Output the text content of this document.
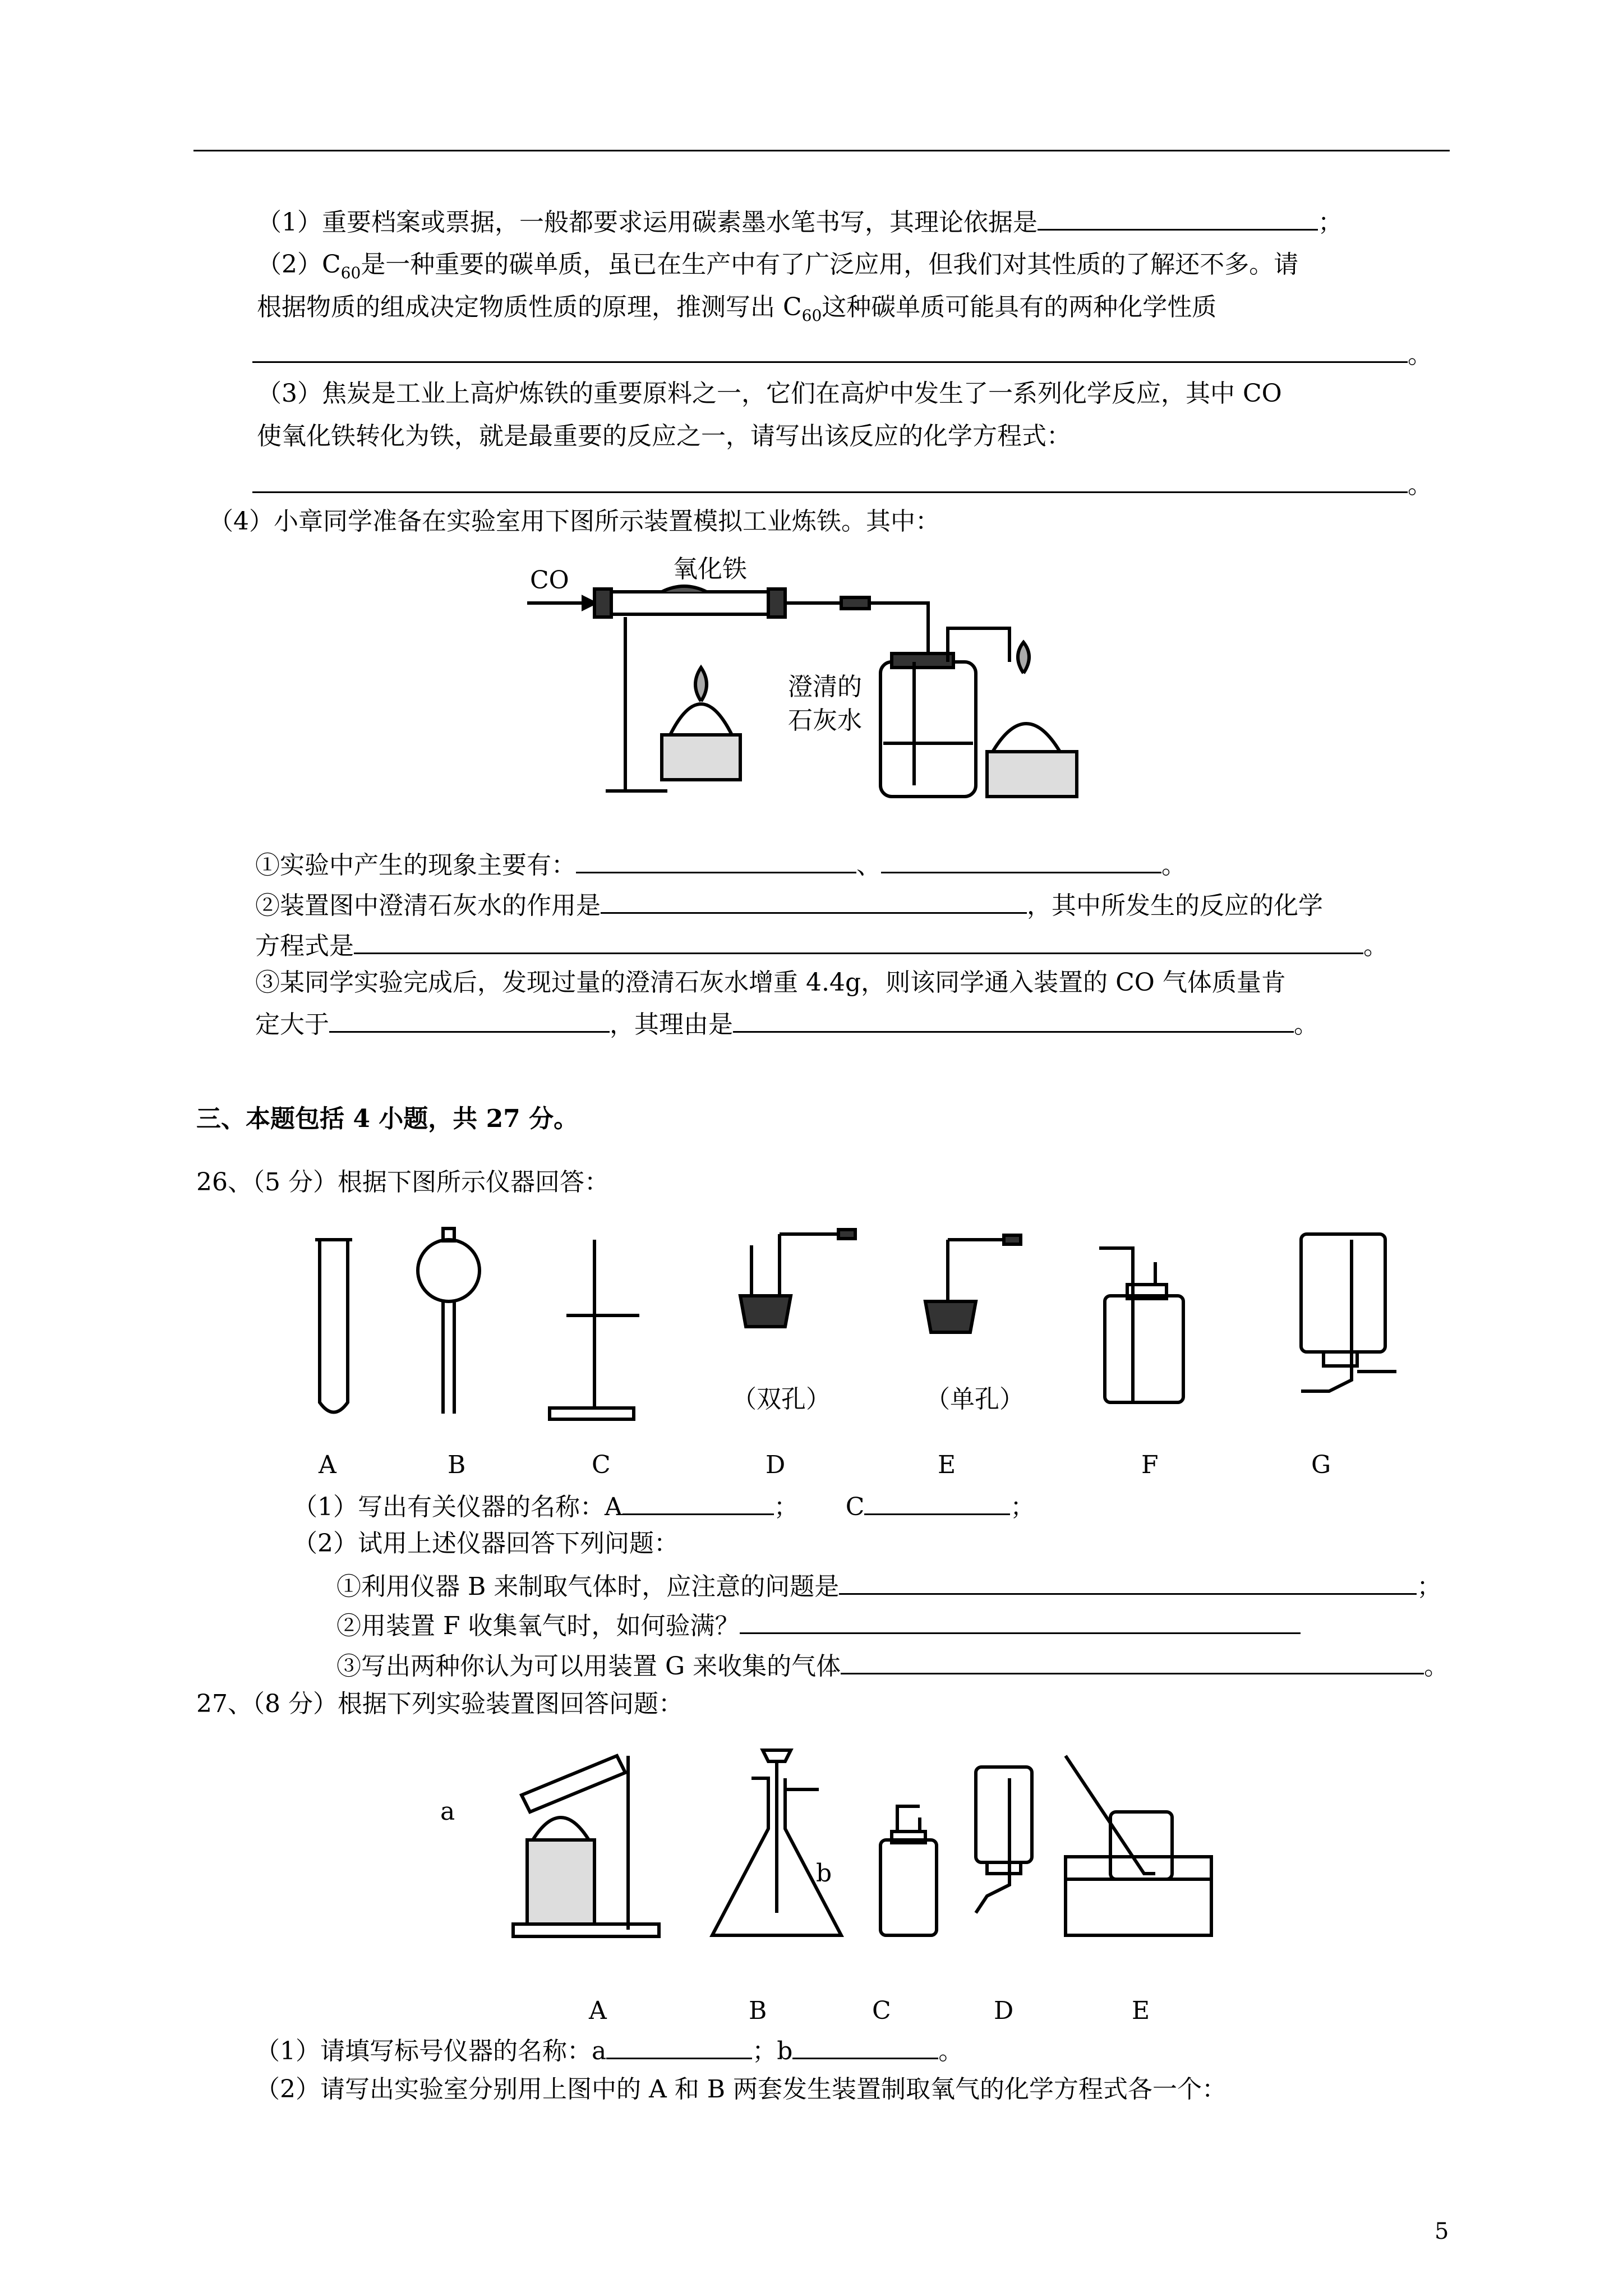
（1）重要档案或票据，一般都要求运用碳素墨水笔书写，其理论依据是	；
$(2)C_{60}$是一种重要的碳单质，虽已在生产中有了广泛应用，但我们对其性质的了解还不多。请
根据物质的组成决定物质性质的原理，推测写出 $C_{60}$这种碳单质可能具有的两种化学性质
。
（3）焦炭是工业上高炉炼铁的重要原料之一，它们在高炉中发生了一系列化学反应，其中 CO
使氧化铁转化为铁，就是最重要的反应之一，请写出该反应的化学方程式：
。
（4）小章同学准备在实验室用下图所示装置模拟工业炼铁。其中：
CO	氧化铁
澄清的
石灰水
①实验中产生的现象主要有：	、	。
②装置图中澄清石灰水的作用是	，其中所发生的反应的化学
方程式是	。
③某同学实验完成后，发现过量的澄清石灰水增重 4.4g，则该同学通入装置的 CO 气体质量肯
定大于	，其理由是	。
三、本题包括 4 小题，共 27 分。
26、（5 分）根据下图所示仪器回答：
（双孔）	（单孔）
A	B	C	D	E	F	G
（1）写出有关仪器的名称：A	； C	；
（2）试用上述仪器回答下列问题：
①利用仪器 B 来制取气体时，应注意的问题是	；
②用装置 F 收集氧气时，如何验满？
③写出两种你认为可以用装置 G 来收集的气体	。
27、（8 分）根据下列实验装置图回答问题：
a
b
A	B	C	D	E
（1）请填写标号仪器的名称：a	；b	。
（2）请写出实验室分别用上图中的 A 和 B 两套发生装置制取氧气的化学方程式各一个：
5
